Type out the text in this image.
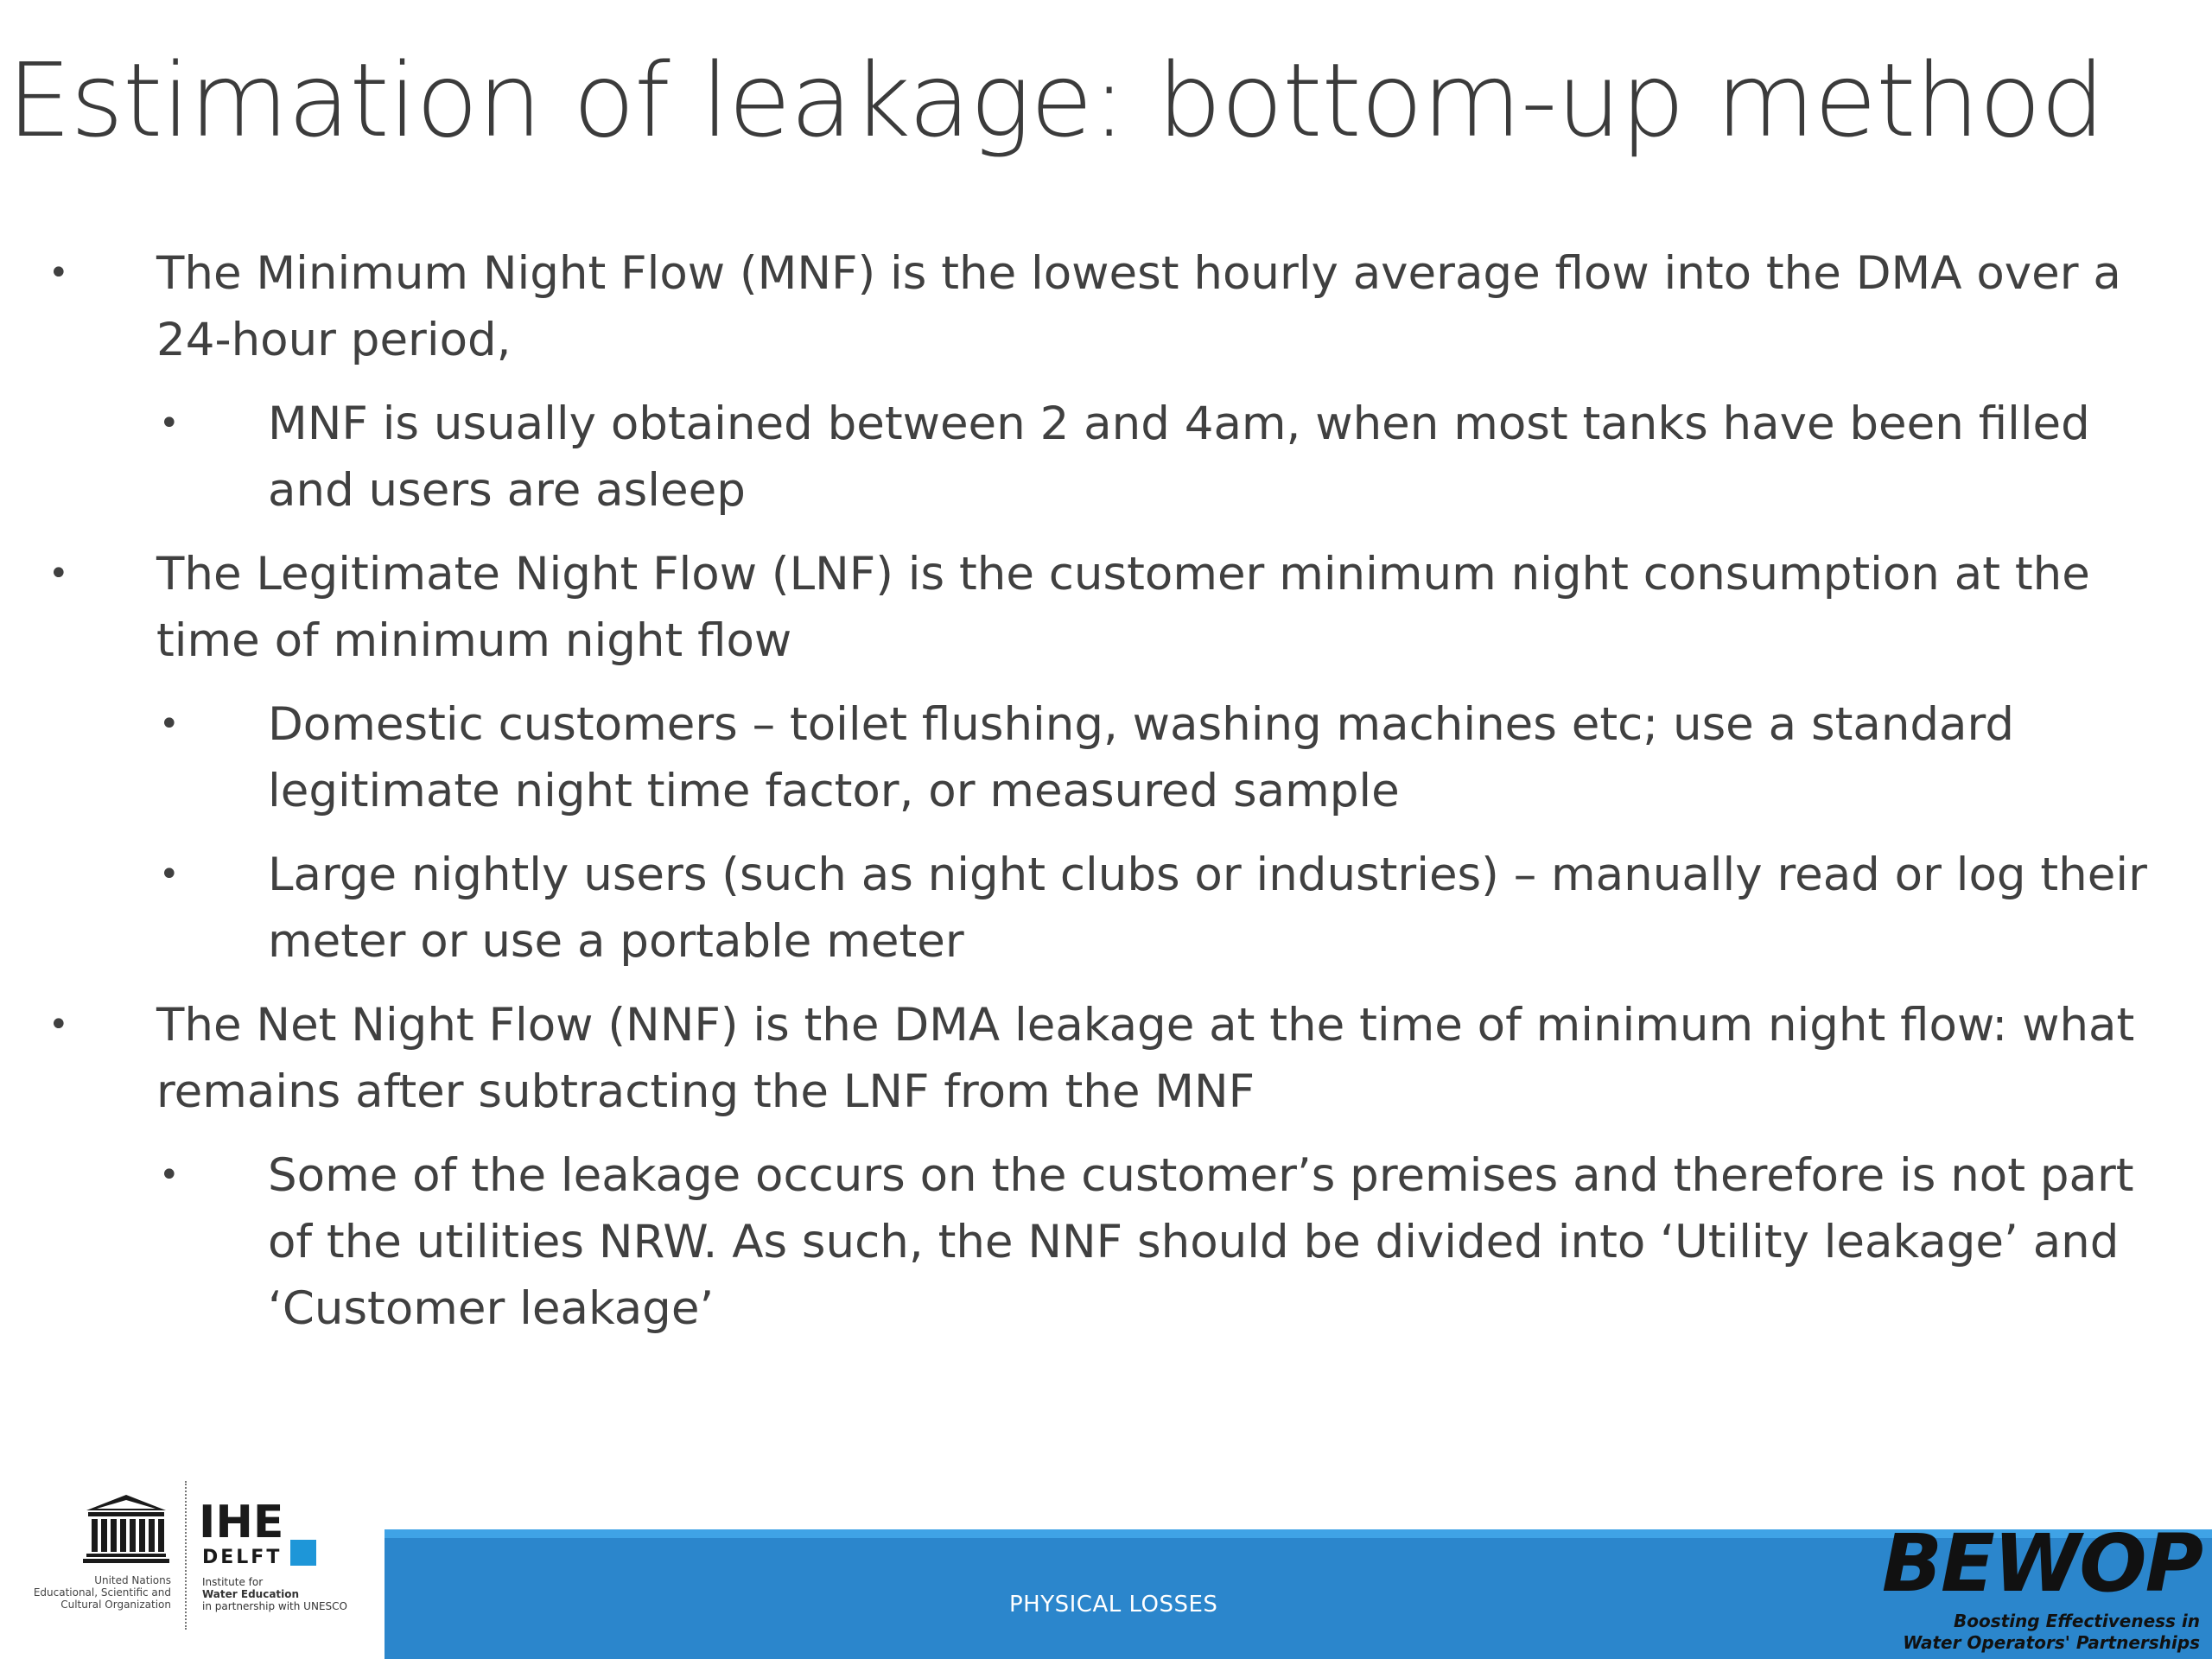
Estimation of leakage: bottom-up method
• The Minimum Night Flow (MNF) is the lowest hourly average flow into the DMA over a 24-hour period,
• MNF is usually obtained between 2 and 4am, when most tanks have been filled and users are asleep
• The Legitimate Night Flow (LNF) is the customer minimum night consumption at the time of minimum night flow
• Domestic customers – toilet flushing, washing machines etc; use a standard legitimate night time factor, or measured sample
• Large nightly users (such as night clubs or industries) – manually read or log their meter or use a portable meter
• The Net Night Flow (NNF) is the DMA leakage at the time of minimum night flow: what remains after subtracting the LNF from the MNF
• Some of the leakage occurs on the customer’s premises and therefore is not part of the utilities NRW. As such, the NNF should be divided into ‘Utility leakage’ and ‘Customer leakage’
United Nations
Educational, Scientific and
Cultural Organization
IHE
DELFT
Institute for
Water Education
in partnership with UNESCO	PHYSICAL LOSSES	BEWOP
Boosting Effectiveness in
Water Operators' Partnerships
